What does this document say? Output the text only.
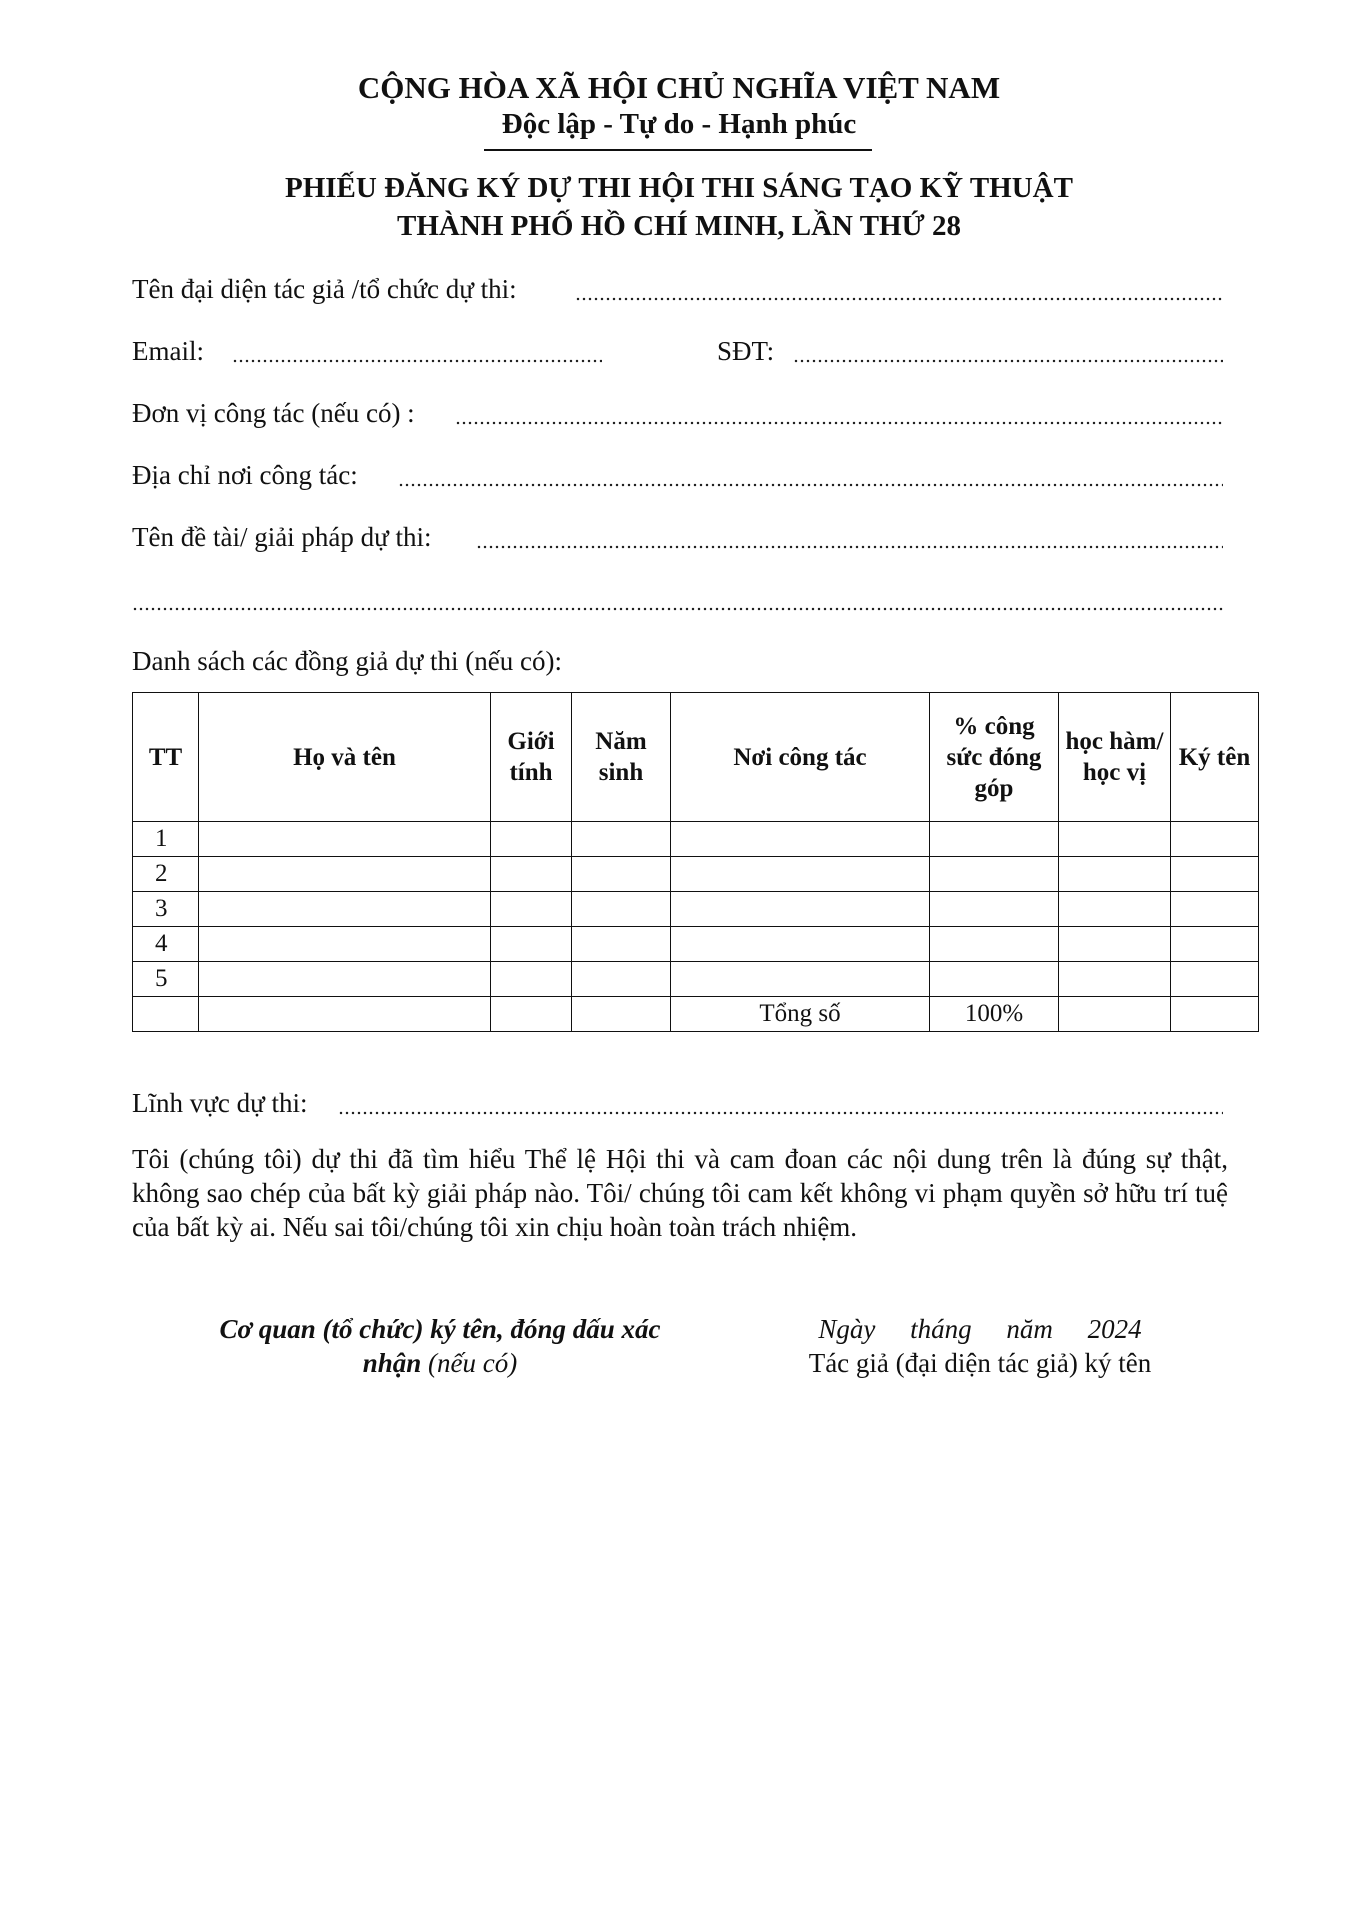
CỘNG HÒA XÃ HỘI CHỦ NGHĨA VIỆT NAM
Độc lập - Tự do - Hạnh phúc
PHIẾU ĐĂNG KÝ DỰ THI HỘI THI SÁNG TẠO KỸ THUẬT
THÀNH PHỐ HỒ CHÍ MINH, LẦN THỨ 28
Tên đại diện tác giả /tổ chức dự thi:
Email:	SĐT:
Đơn vị công tác (nếu có) :
Địa chỉ nơi công tác:
Tên đề tài/ giải pháp dự thi:
Danh sách các đồng giả dự thi (nếu có):
TT	Họ và tên	Giới tính	Năm sinh	Nơi công tác	% công sức đóng góp	học hàm/ học vị	Ký tên
1							
2							
3							
4							
5							
				Tổng số	100%		
Lĩnh vực dự thi:
Tôi (chúng tôi) dự thi đã tìm hiểu Thể lệ Hội thi và cam đoan các nội dung trên là đúng sự thật, không sao chép của bất kỳ giải pháp nào. Tôi/ chúng tôi cam kết không vi phạm quyền sở hữu trí tuệ của bất kỳ ai. Nếu sai tôi/chúng tôi xin chịu hoàn toàn trách nhiệm.
Cơ quan (tổ chức) ký tên, đóng dấu xác
nhận (nếu có)
Ngày tháng năm 2024
Tác giả (đại diện tác giả) ký tên
